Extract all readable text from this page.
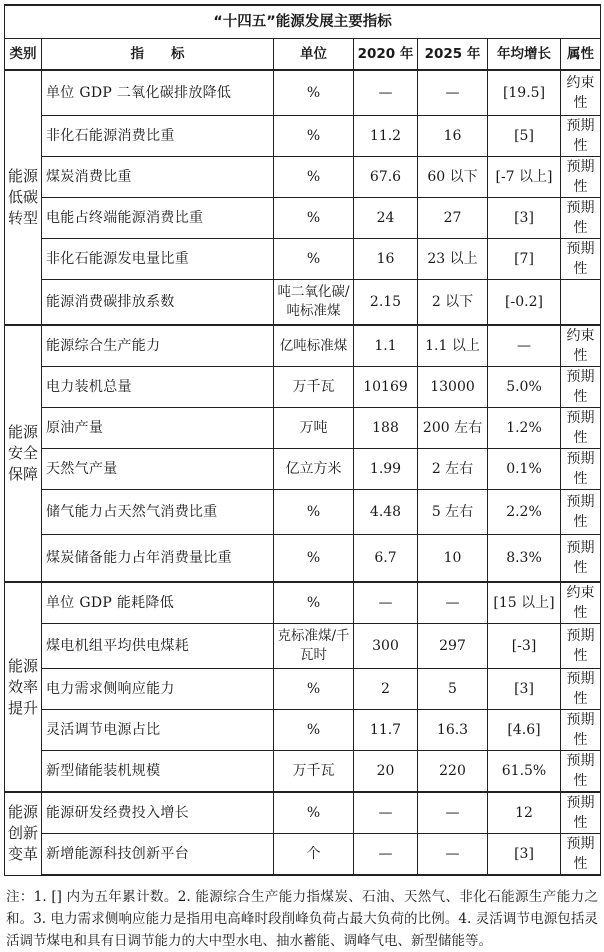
“十四五”能源发展主要指标						
类别	指　　标	单位	2020 年	2025 年	年均增长	属性
能源低碳转型	单位 GDP 二氧化碳排放降低	%	—	—	[19.5]	约束性
	非化石能源消费比重	%	11.2	16	[5]	预期性
	煤炭消费比重	%	67.6	60 以下	[-7 以上]	预期性
	电能占终端能源消费比重	%	24	27	[3]	预期性
	非化石能源发电量比重	%	16	23 以上	[7]	预期性
	能源消费碳排放系数	吨二氧化碳/吨标准煤	2.15	2 以下	[-0.2]	
能源安全保障	能源综合生产能力	亿吨标准煤	1.1	1.1 以上	—	约束性
	电力装机总量	万千瓦	10169	13000	5.0%	预期性
	原油产量	万吨	188	200 左右	1.2%	预期性
	天然气产量	亿立方米	1.99	2 左右	0.1%	预期性
	储气能力占天然气消费比重	%	4.48	5 左右	2.2%	预期性
	煤炭储备能力占年消费量比重	%	6.7	10	8.3%	预期性
能源效率提升	单位 GDP 能耗降低	%	—	—	[15 以上]	约束性
	煤电机组平均供电煤耗	克标准煤/千瓦时	300	297	[-3]	预期性
	电力需求侧响应能力	%	2	5	[3]	预期性
	灵活调节电源占比	%	11.7	16.3	[4.6]	预期性
	新型储能装机规模	万千瓦	20	220	61.5%	预期性
能源创新变革	能源研发经费投入增长	%	—	—	12	预期性
	新增能源科技创新平台	个	—	—	[3]	预期性
注：1. [] 内为五年累计数。2. 能源综合生产能力指煤炭、石油、天然气、非化石能源生产能力之和。3. 电力需求侧响应能力是指用电高峰时段削峰负荷占最大负荷的比例。4. 灵活调节电源包括灵活调节煤电和具有日调节能力的大中型水电、抽水蓄能、调峰气电、新型储能等。
